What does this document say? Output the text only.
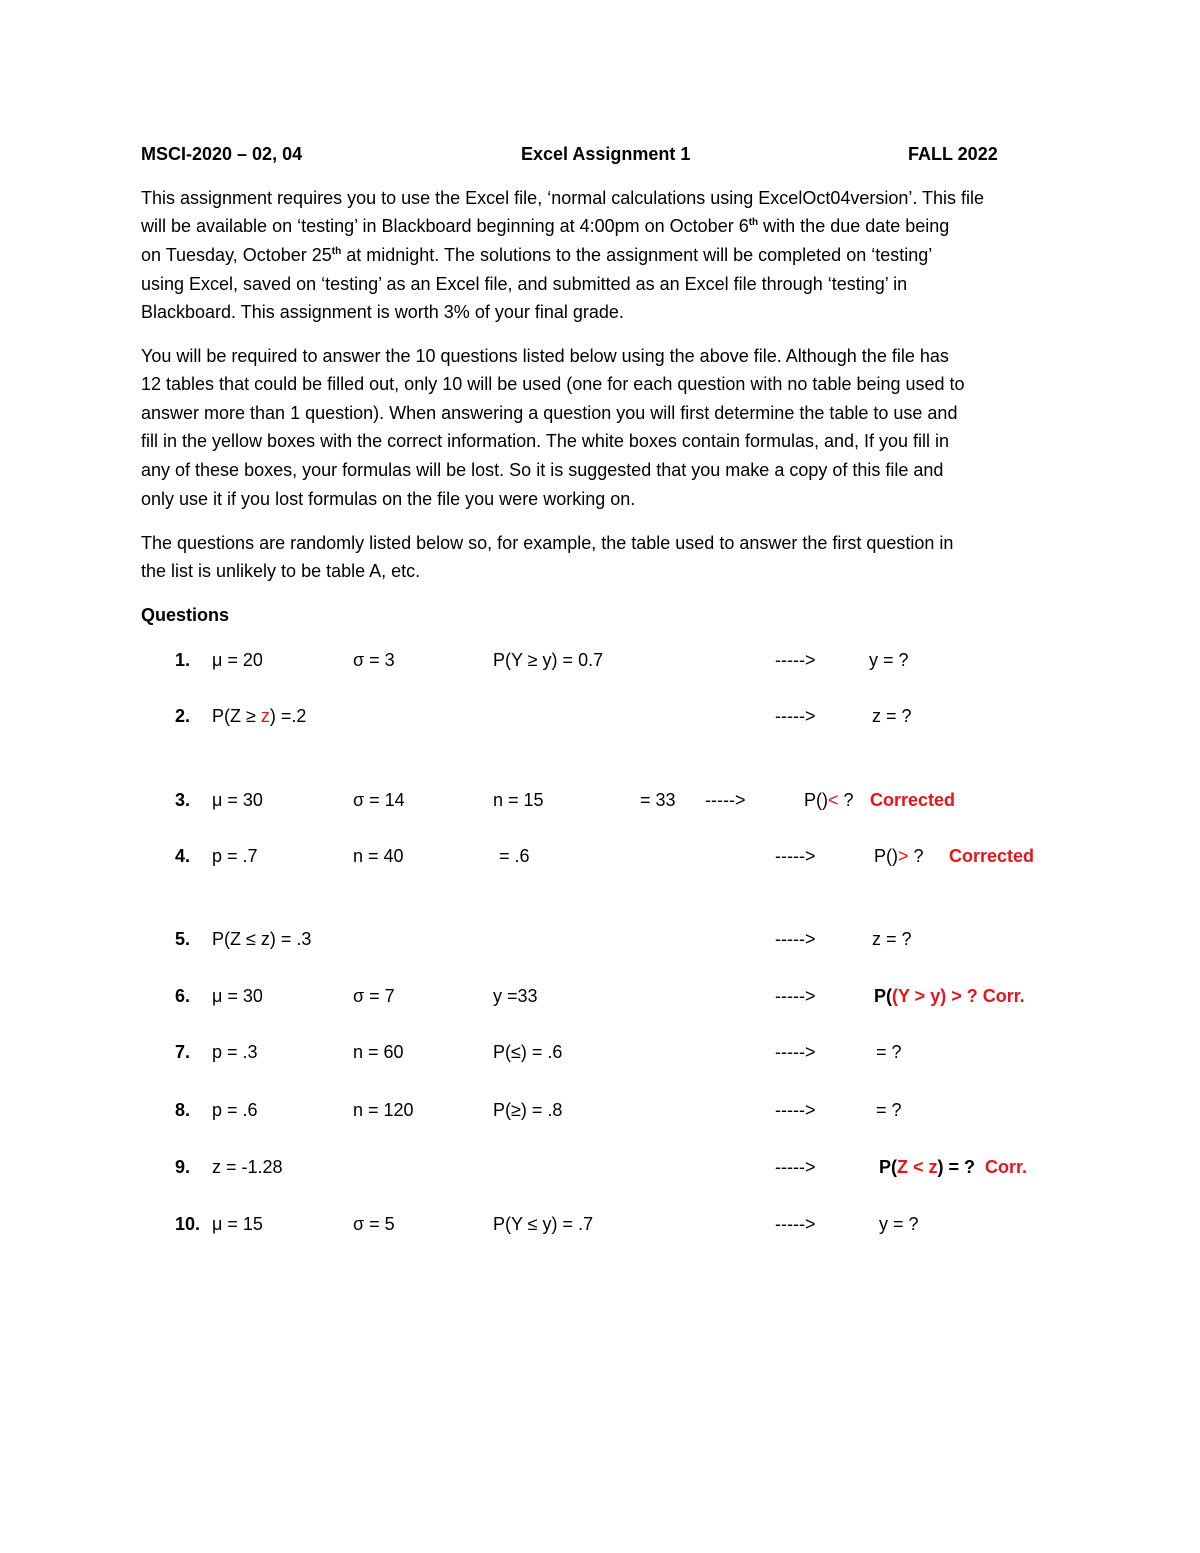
MSCI-2020 – 02, 04	Excel Assignment 1	FALL 2022
This assignment requires you to use the Excel file, ‘normal calculations using ExcelOct04version’. This file
will be available on ‘testing’ in Blackboard beginning at 4:00pm on October 6th with the due date being
on Tuesday, October 25th at midnight. The solutions to the assignment will be completed on ‘testing’
using Excel, saved on ‘testing’ as an Excel file, and submitted as an Excel file through ‘testing’ in
Blackboard. This assignment is worth 3% of your final grade.
You will be required to answer the 10 questions listed below using the above file. Although the file has
12 tables that could be filled out, only 10 will be used (one for each question with no table being used to
answer more than 1 question). When answering a question you will first determine the table to use and
fill in the yellow boxes with the correct information. The white boxes contain formulas, and, If you fill in
any of these boxes, your formulas will be lost. So it is suggested that you make a copy of this file and
only use it if you lost formulas on the file you were working on.
The questions are randomly listed below so, for example, the table used to answer the first question in
the list is unlikely to be table A, etc.
Questions
1. μ = 20	σ = 3	P(Y ≥ y) = 0.7	----->	y = ?
2. P(Z ≥ z) =.2	----->	z = ?
3. μ = 30	σ = 14	n = 15	= 33 ----->	P()< ? Corrected
4. p = .7	n = 40	= .6	----->	P()> ? Corrected
5. P(Z ≤ z) = .3	----->	z = ?
6. μ = 30	σ = 7	y =33	----->	P((Y > y) > ? Corr.
7. p = .3	n = 60	P(≤) = .6	----->	= ?
8. p = .6	n = 120	P(≥) = .8	----->	= ?
9. z = -1.28	----->	P(Z < z) = ? Corr.
10. μ = 15	σ = 5	P(Y ≤ y) = .7	----->	y = ?
